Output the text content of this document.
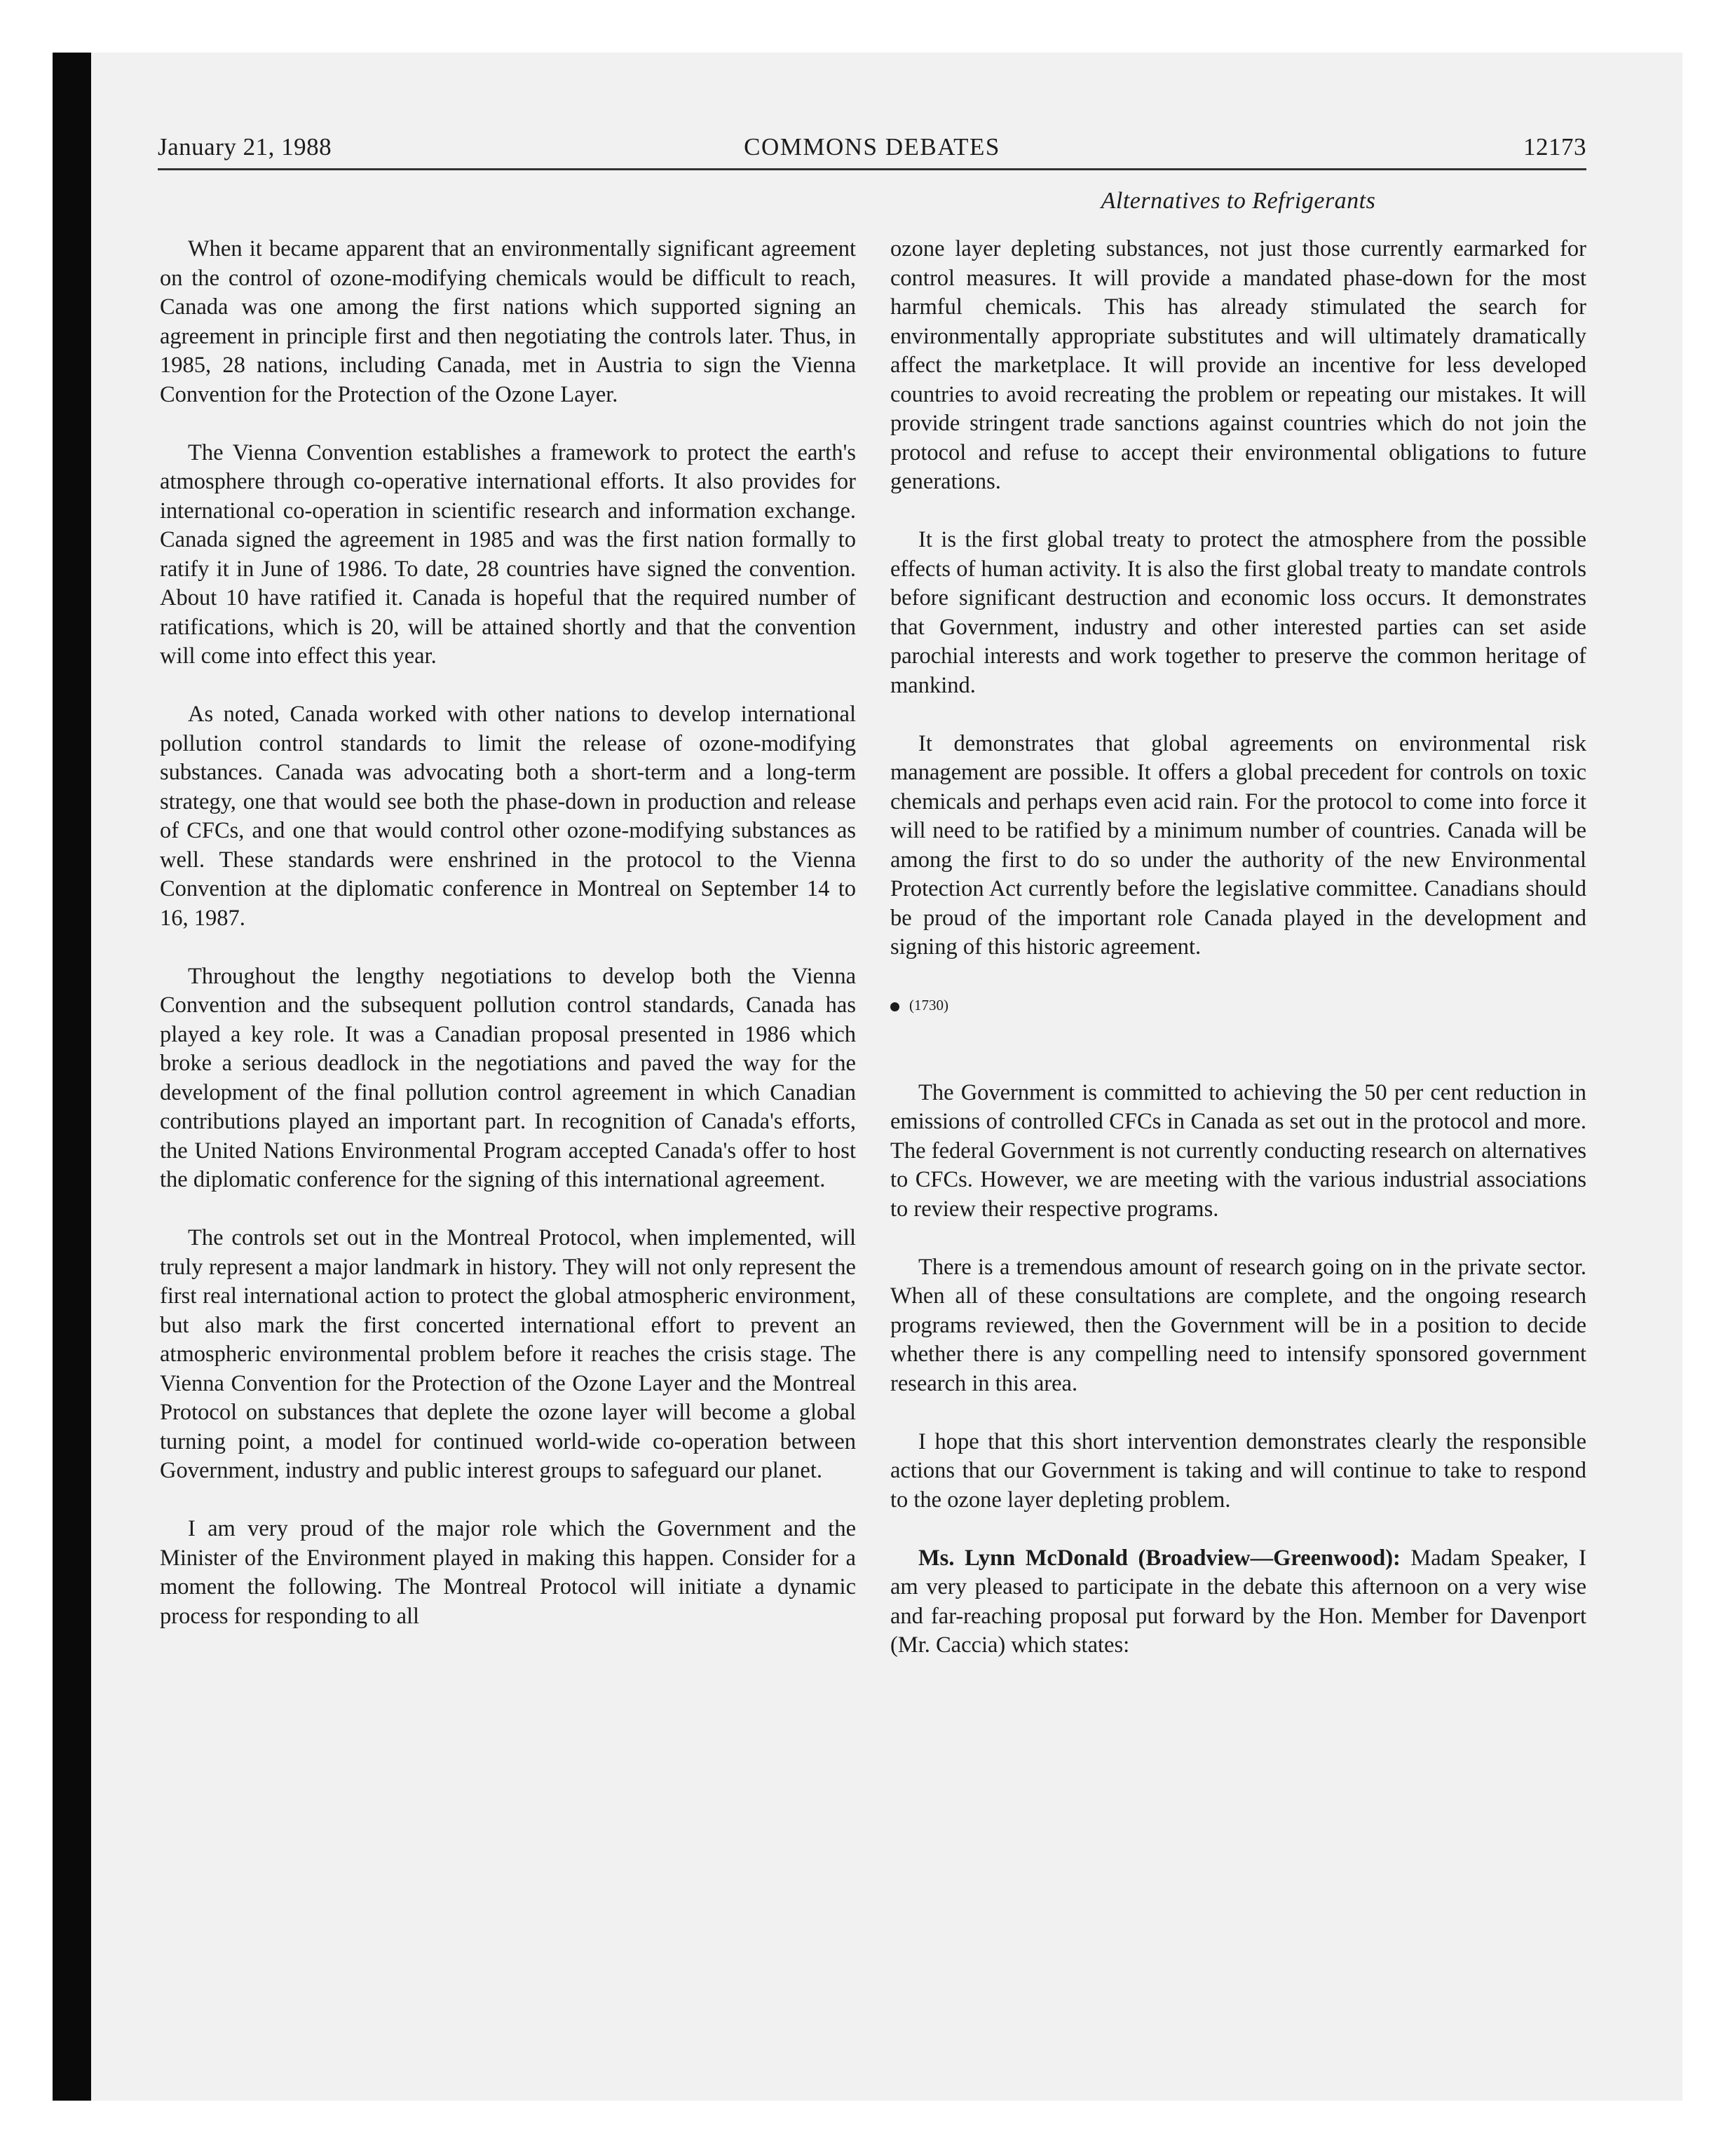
January 21, 1988	COMMONS DEBATES	12173
Alternatives to Refrigerants

When it became apparent that an environmentally significant agreement on the control of ozone-modifying chemicals would be difficult to reach, Canada was one among the first nations which supported signing an agreement in principle first and then negotiating the controls later. Thus, in 1985, 28 nations, including Canada, met in Austria to sign the Vienna Convention for the Protection of the Ozone Layer.

The Vienna Convention establishes a framework to protect the earth's atmosphere through co-operative international efforts. It also provides for international co-operation in scientific research and information exchange. Canada signed the agreement in 1985 and was the first nation formally to ratify it in June of 1986. To date, 28 countries have signed the convention. About 10 have ratified it. Canada is hopeful that the required number of ratifications, which is 20, will be attained shortly and that the convention will come into effect this year.

As noted, Canada worked with other nations to develop international pollution control standards to limit the release of ozone-modifying substances. Canada was advocating both a short-term and a long-term strategy, one that would see both the phase-down in production and release of CFCs, and one that would control other ozone-modifying substances as well. These standards were enshrined in the protocol to the Vienna Convention at the diplomatic conference in Montreal on September 14 to 16, 1987.

Throughout the lengthy negotiations to develop both the Vienna Convention and the subsequent pollution control standards, Canada has played a key role. It was a Canadian proposal presented in 1986 which broke a serious deadlock in the negotiations and paved the way for the development of the final pollution control agreement in which Canadian contributions played an important part. In recognition of Canada's efforts, the United Nations Environmental Program accepted Canada's offer to host the diplomatic conference for the signing of this international agreement.

The controls set out in the Montreal Protocol, when implemented, will truly represent a major landmark in history. They will not only represent the first real international action to protect the global atmospheric environment, but also mark the first concerted international effort to prevent an atmospheric environmental problem before it reaches the crisis stage. The Vienna Convention for the Protection of the Ozone Layer and the Montreal Protocol on substances that deplete the ozone layer will become a global turning point, a model for continued world-wide co-operation between Government, industry and public interest groups to safeguard our planet.

I am very proud of the major role which the Government and the Minister of the Environment played in making this happen. Consider for a moment the following. The Montreal Protocol will initiate a dynamic process for responding to all

ozone layer depleting substances, not just those currently earmarked for control measures. It will provide a mandated phase-down for the most harmful chemicals. This has already stimulated the search for environmentally appropriate substitutes and will ultimately dramatically affect the marketplace. It will provide an incentive for less developed countries to avoid recreating the problem or repeating our mistakes. It will provide stringent trade sanctions against countries which do not join the protocol and refuse to accept their environmental obligations to future generations.

It is the first global treaty to protect the atmosphere from the possible effects of human activity. It is also the first global treaty to mandate controls before significant destruction and economic loss occurs. It demonstrates that Government, industry and other interested parties can set aside parochial interests and work together to preserve the common heritage of mankind.

It demonstrates that global agreements on environmental risk management are possible. It offers a global precedent for controls on toxic chemicals and perhaps even acid rain. For the protocol to come into force it will need to be ratified by a minimum number of countries. Canada will be among the first to do so under the authority of the new Environmental Protection Act currently before the legislative committee. Canadians should be proud of the important role Canada played in the development and signing of this historic agreement.

(1730)

The Government is committed to achieving the 50 per cent reduction in emissions of controlled CFCs in Canada as set out in the protocol and more. The federal Government is not currently conducting research on alternatives to CFCs. However, we are meeting with the various industrial associations to review their respective programs.

There is a tremendous amount of research going on in the private sector. When all of these consultations are complete, and the ongoing research programs reviewed, then the Government will be in a position to decide whether there is any compelling need to intensify sponsored government research in this area.

I hope that this short intervention demonstrates clearly the responsible actions that our Government is taking and will continue to take to respond to the ozone layer depleting problem.

Ms. Lynn McDonald (Broadview—Greenwood): Madam Speaker, I am very pleased to participate in the debate this afternoon on a very wise and far-reaching proposal put forward by the Hon. Member for Davenport (Mr. Caccia) which states:
